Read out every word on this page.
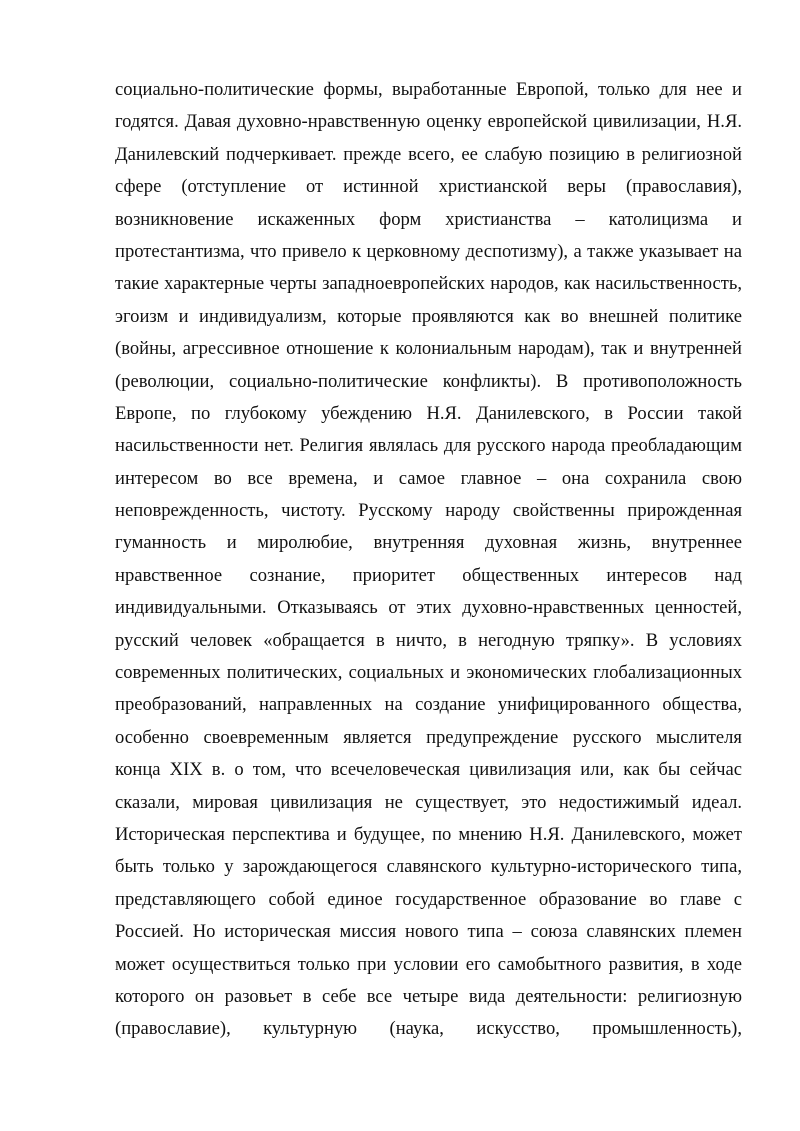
социально-политические формы, выработанные Европой, только для нее и
годятся. Давая духовно-нравственную оценку европейской цивилизации, Н.Я.
Данилевский подчеркивает. прежде всего, ее слабую позицию в религиозной
сфере (отступление от истинной христианской веры (православия),
возникновение искаженных форм христианства – католицизма и
протестантизма, что привело к церковному деспотизму), а также указывает на
такие характерные черты западноевропейских народов, как насильственность,
эгоизм и индивидуализм, которые проявляются как во внешней политике
(войны, агрессивное отношение к колониальным народам), так и внутренней
(революции, социально-политические конфликты). В противоположность
Европе, по глубокому убеждению Н.Я. Данилевского, в России такой
насильственности нет. Религия являлась для русского народа преобладающим
интересом во все времена, и самое главное – она сохранила свою
неповрежденность, чистоту. Русскому народу свойственны прирожденная
гуманность и миролюбие, внутренняя духовная жизнь, внутреннее
нравственное сознание, приоритет общественных интересов над
индивидуальными. Отказываясь от этих духовно-нравственных ценностей,
русский человек «обращается в ничто, в негодную тряпку». В условиях
современных политических, социальных и экономических глобализационных
преобразований, направленных на создание унифицированного общества,
особенно своевременным является предупреждение русского мыслителя
конца XIX в. о том, что всечеловеческая цивилизация или, как бы сейчас
сказали, мировая цивилизация не существует, это недостижимый идеал.
Историческая перспектива и будущее, по мнению Н.Я. Данилевского, может
быть только у зарождающегося славянского культурно-исторического типа,
представляющего собой единое государственное образование во главе с
Россией. Но историческая миссия нового типа – союза славянских племен
может осуществиться только при условии его самобытного развития, в ходе
которого он разовьет в себе все четыре вида деятельности: религиозную
(православие), культурную (наука, искусство, промышленность),
